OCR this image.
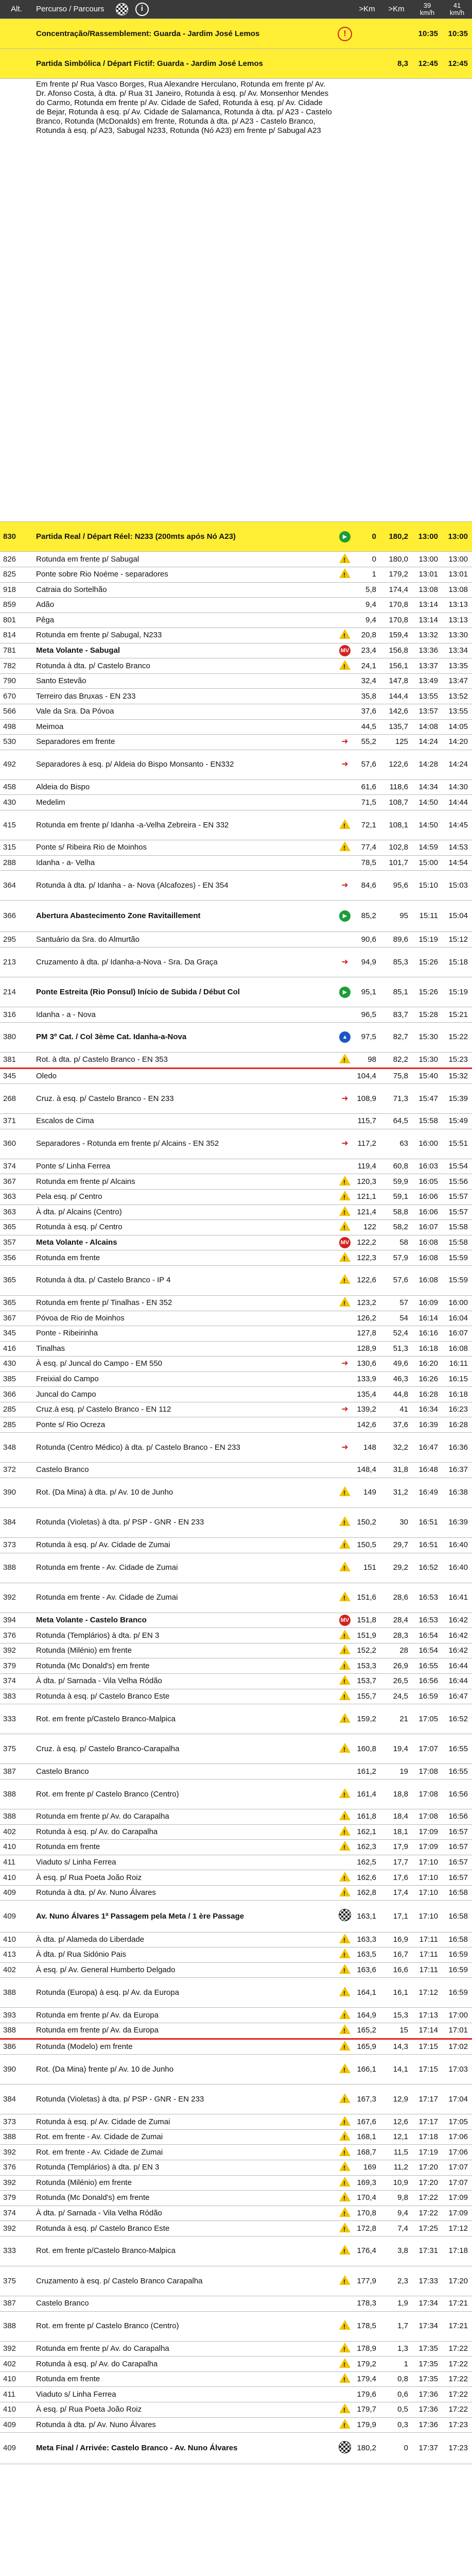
Alt.	Percurso / Parcours i		>Km	>Km	39
km/h	41
km/h
	Concentração/Rassemblement: Guarda - Jardim José Lemos	!			10:35	10:35
	Partida Simbólica / Départ Fictif: Guarda - Jardim José Lemos			8,3	12:45	12:45
	Em frente p/ Rua Vasco Borges, Rua Alexandre Herculano, Rotunda em frente p/ Av. Dr. Afonso Costa, à dta. p/ Rua 31 Janeiro, Rotunda à esq. p/ Av. Monsenhor Mendes do Carmo, Rotunda em frente p/ Av. Cidade de Safed, Rotunda à esq. p/ Av. Cidade de Bejar, Rotunda à esq. p/ Av. Cidade de Salamanca, Rotunda à dta. p/ A23 - Castelo Branco, Rotunda (McDonalds) em frente, Rotunda à dta. p/ A23 - Castelo Branco, Rotunda à esq. p/ A23, Sabugal N233, Rotunda (Nó A23) em frente p/ Sabugal A23					
830	Partida Real / Départ Réel: N233 (200mts após Nó A23)	▶	0	180,2	13:00	13:00
826	Rotunda em frente p/ Sabugal	!	0	180,0	13:00	13:00
825	Ponte sobre Rio Noéme - separadores	!	1	179,2	13:01	13:01
918	Catraia do Sortelhão		5,8	174,4	13:08	13:08
859	Adão		9,4	170,8	13:14	13:13
801	Pêga		9,4	170,8	13:14	13:13
814	Rotunda em frente p/ Sabugal, N233	!	20,8	159,4	13:32	13:30
781	Meta Volante - Sabugal	MV	23,4	156,8	13:36	13:34
782	Rotunda à dta. p/ Castelo Branco	!	24,1	156,1	13:37	13:35
790	Santo Estevão		32,4	147,8	13:49	13:47
670	Terreiro das Bruxas - EN 233		35,8	144,4	13:55	13:52
566	Vale da Sra. Da Póvoa		37,6	142,6	13:57	13:55
498	Meimoa		44,5	135,7	14:08	14:05
530	Separadores em frente	➜	55,2	125	14:24	14:20
492	Separadores à esq. p/ Aldeia do Bispo Monsanto - EN332	➜	57,6	122,6	14:28	14:24
458	Aldeia do Bispo		61,6	118,6	14:34	14:30
430	Medelim		71,5	108,7	14:50	14:44
415	Rotunda em frente p/ Idanha -a-Velha Zebreira - EN 332	!	72,1	108,1	14:50	14:45
315	Ponte s/ Ribeira Rio de Moinhos	!	77,4	102,8	14:59	14:53
288	Idanha - a- Velha		78,5	101,7	15:00	14:54
364	Rotunda à dta. p/ Idanha - a- Nova (Alcafozes) - EN 354	➜	84,6	95,6	15:10	15:03
366	Abertura Abastecimento Zone Ravitaillement	▶	85,2	95	15:11	15:04
295	Santuário da Sra. do Almurtão		90,6	89,6	15:19	15:12
213	Cruzamento à dta. p/ Idanha-a-Nova - Sra. Da Graça	➜	94,9	85,3	15:26	15:18
214	Ponte Estreita (Rio Ponsul) Início de Subida / Début Col	▶	95,1	85,1	15:26	15:19
316	Idanha - a - Nova		96,5	83,7	15:28	15:21
380	PM 3º Cat. / Col 3ème Cat. Idanha-a-Nova	▲	97,5	82,7	15:30	15:22
381	Rot. à dta. p/ Castelo Branco - EN 353	!	98	82,2	15:30	15:23
345	Oledo		104,4	75,8	15:40	15:32
268	Cruz. à esq. p/ Castelo Branco - EN 233	➜	108,9	71,3	15:47	15:39
371	Escalos de Cima		115,7	64,5	15:58	15:49
360	Separadores - Rotunda em frente p/ Alcains - EN 352	➜	117,2	63	16:00	15:51
374	Ponte s/ Linha Ferrea		119,4	60,8	16:03	15:54
367	Rotunda em frente p/ Alcains	!	120,3	59,9	16:05	15:56
363	Pela esq. p/ Centro	!	121,1	59,1	16:06	15:57
363	À dta. p/ Alcains (Centro)	!	121,4	58,8	16:06	15:57
365	Rotunda à esq. p/ Centro	!	122	58,2	16:07	15:58
357	Meta Volante - Alcains	MV	122,2	58	16:08	15:58
356	Rotunda em frente	!	122,3	57,9	16:08	15:59
365	Rotunda à dta. p/ Castelo Branco - IP 4	!	122,6	57,6	16:08	15:59
365	Rotunda em frente p/ Tinalhas - EN 352	!	123,2	57	16:09	16:00
367	Póvoa de Rio de Moinhos		126,2	54	16:14	16:04
345	Ponte - Ribeirinha		127,8	52,4	16:16	16:07
416	Tinalhas		128,9	51,3	16:18	16:08
430	À esq. p/ Juncal do Campo - EM 550	➜	130,6	49,6	16:20	16:11
385	Freixial do Campo		133,9	46,3	16:26	16:15
366	Juncal do Campo		135,4	44,8	16:28	16:18
285	Cruz.à esq. p/ Castelo Branco - EN 112	➜	139,2	41	16:34	16:23
285	Ponte s/ Rio Ocreza		142,6	37,6	16:39	16:28
348	Rotunda (Centro Médico) à dta. p/ Castelo Branco - EN 233	➜	148	32,2	16:47	16:36
372	Castelo Branco		148,4	31,8	16:48	16:37
390	Rot. (Da Mina) à dta. p/ Av. 10 de Junho	!	149	31,2	16:49	16:38
384	Rotunda (Violetas) à dta. p/ PSP - GNR - EN 233	!	150,2	30	16:51	16:39
373	Rotunda à esq. p/ Av. Cidade de Zumai	!	150,5	29,7	16:51	16:40
388	Rotunda em frente - Av. Cidade de Zumai	!	151	29,2	16:52	16:40
392	Rotunda em frente - Av. Cidade de Zumai	!	151,6	28,6	16:53	16:41
394	Meta Volante - Castelo Branco	MV	151,8	28,4	16:53	16:42
376	Rotunda (Templários) à dta. p/ EN 3	!	151,9	28,3	16:54	16:42
392	Rotunda (Milénio) em frente	!	152,2	28	16:54	16:42
379	Rotunda (Mc Donald's) em frente	!	153,3	26,9	16:55	16:44
374	À dta. p/ Sarnada - Vila Velha Ródão	!	153,7	26,5	16:56	16:44
383	Rotunda à esq. p/ Castelo Branco Este	!	155,7	24,5	16:59	16:47
333	Rot. em frente p/Castelo Branco-Malpica	!	159,2	21	17:05	16:52
375	Cruz. à esq. p/ Castelo Branco-Carapalha	!	160,8	19,4	17:07	16:55
387	Castelo Branco		161,2	19	17:08	16:55
388	Rot. em frente p/ Castelo Branco (Centro)	!	161,4	18,8	17:08	16:56
388	Rotunda em frente p/ Av. do Carapalha	!	161,8	18,4	17:08	16:56
402	Rotunda à esq. p/ Av. do Carapalha	!	162,1	18,1	17:09	16:57
410	Rotunda em frente	!	162,3	17,9	17:09	16:57
411	Viaduto s/ Linha Ferrea		162,5	17,7	17:10	16:57
410	À esq. p/ Rua Poeta João Roiz	!	162,6	17,6	17:10	16:57
409	Rotunda à dta. p/ Av. Nuno Álvares	!	162,8	17,4	17:10	16:58
409	Av. Nuno Álvares 1ª Passagem pela Meta / 1 ère Passage		163,1	17,1	17:10	16:58
410	À dta. p/ Alameda do Liberdade	!	163,3	16,9	17:11	16:58
413	À dta. p/ Rua Sidónio Pais	!	163,5	16,7	17:11	16:59
402	À esq. p/ Av. General Humberto Delgado	!	163,6	16,6	17:11	16:59
388	Rotunda (Europa) à esq. p/ Av. da Europa	!	164,1	16,1	17:12	16:59
393	Rotunda em frente p/ Av. da Europa	!	164,9	15,3	17:13	17:00
388	Rotunda em frente p/ Av. da Europa	!	165,2	15	17:14	17:01
386	Rotunda (Modelo) em frente	!	165,9	14,3	17:15	17:02
390	Rot. (Da Mina) frente p/ Av. 10 de Junho	!	166,1	14,1	17:15	17:03
384	Rotunda (Violetas) à dta. p/ PSP - GNR - EN 233	!	167,3	12,9	17:17	17:04
373	Rotunda à esq. p/ Av. Cidade de Zumai	!	167,6	12,6	17:17	17:05
388	Rot. em frente - Av. Cidade de Zumai	!	168,1	12,1	17:18	17:06
392	Rot. em frente - Av. Cidade de Zumai	!	168,7	11,5	17:19	17:06
376	Rotunda (Templários) à dta. p/ EN 3	!	169	11,2	17:20	17:07
392	Rotunda (Milénio) em frente	!	169,3	10,9	17:20	17:07
379	Rotunda (Mc Donald's) em frente	!	170,4	9,8	17:22	17:09
374	À dta. p/ Sarnada - Vila Velha Ródão	!	170,8	9,4	17:22	17:09
392	Rotunda à esq. p/ Castelo Branco Este	!	172,8	7,4	17:25	17:12
333	Rot. em frente p/Castelo Branco-Malpica	!	176,4	3,8	17:31	17:18
375	Cruzamento à esq. p/ Castelo Branco Carapalha	!	177,9	2,3	17:33	17:20
387	Castelo Branco		178,3	1,9	17:34	17:21
388	Rot. em frente p/ Castelo Branco (Centro)	!	178,5	1,7	17:34	17:21
392	Rotunda em frente p/ Av. do Carapalha	!	178,9	1,3	17:35	17:22
402	Rotunda à esq. p/ Av. do Carapalha	!	179,2	1	17:35	17:22
410	Rotunda em frente	!	179,4	0,8	17:35	17:22
411	Viaduto s/ Linha Ferrea		179,6	0,6	17:36	17:22
410	À esq. p/ Rua Poeta João Roiz	!	179,7	0,5	17:36	17:22
409	Rotunda à dta. p/ Av. Nuno Álvares	!	179,9	0,3	17:36	17:23
409	Meta Final / Arrivée: Castelo Branco - Av. Nuno Álvares		180,2	0	17:37	17:23
